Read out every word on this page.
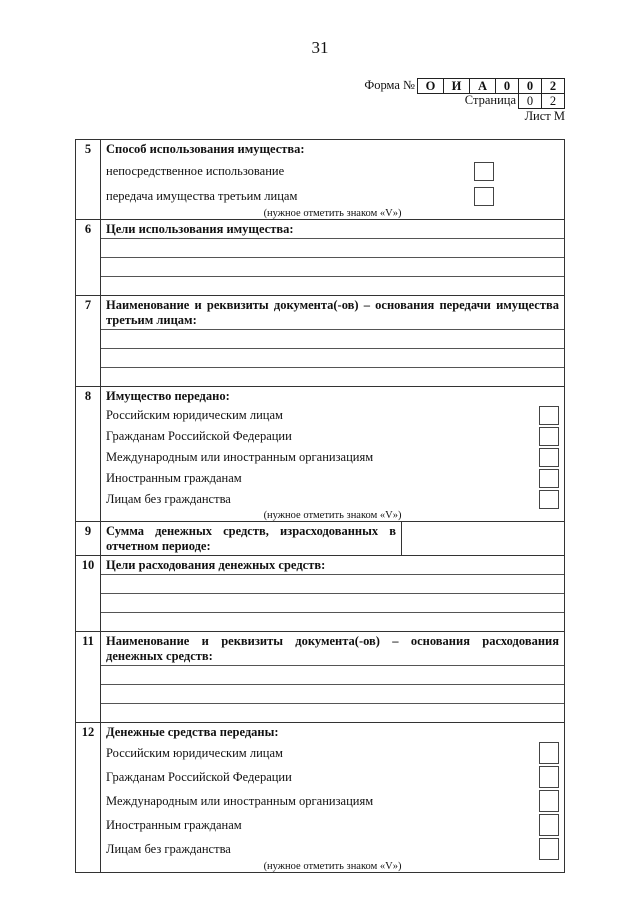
31
Форма № О	И	А	0	0	2
Страница 0	2
Лист М
5	Способ использования имущества:
непосредственное использование
передача имущества третьим лицам
(нужное отметить знаком «V»)
6	Цели использования имущества:
7	Наименование и реквизиты документа(-ов) – основания передачи имущества третьим лицам:
8	Имущество передано:
Российским юридическим лицам
Гражданам Российской Федерации
Международным или иностранным организациям
Иностранным гражданам
Лицам без гражданства
(нужное отметить знаком «V»)
9	Сумма денежных средств, израсходованных в отчетном периоде:
10 Цели расходования денежных средств:
11 Наименование и реквизиты документа(-ов) – основания расходования денежных средств:
12 Денежные средства переданы:
Российским юридическим лицам
Гражданам Российской Федерации
Международным или иностранным организациям
Иностранным гражданам
Лицам без гражданства
(нужное отметить знаком «V»)
